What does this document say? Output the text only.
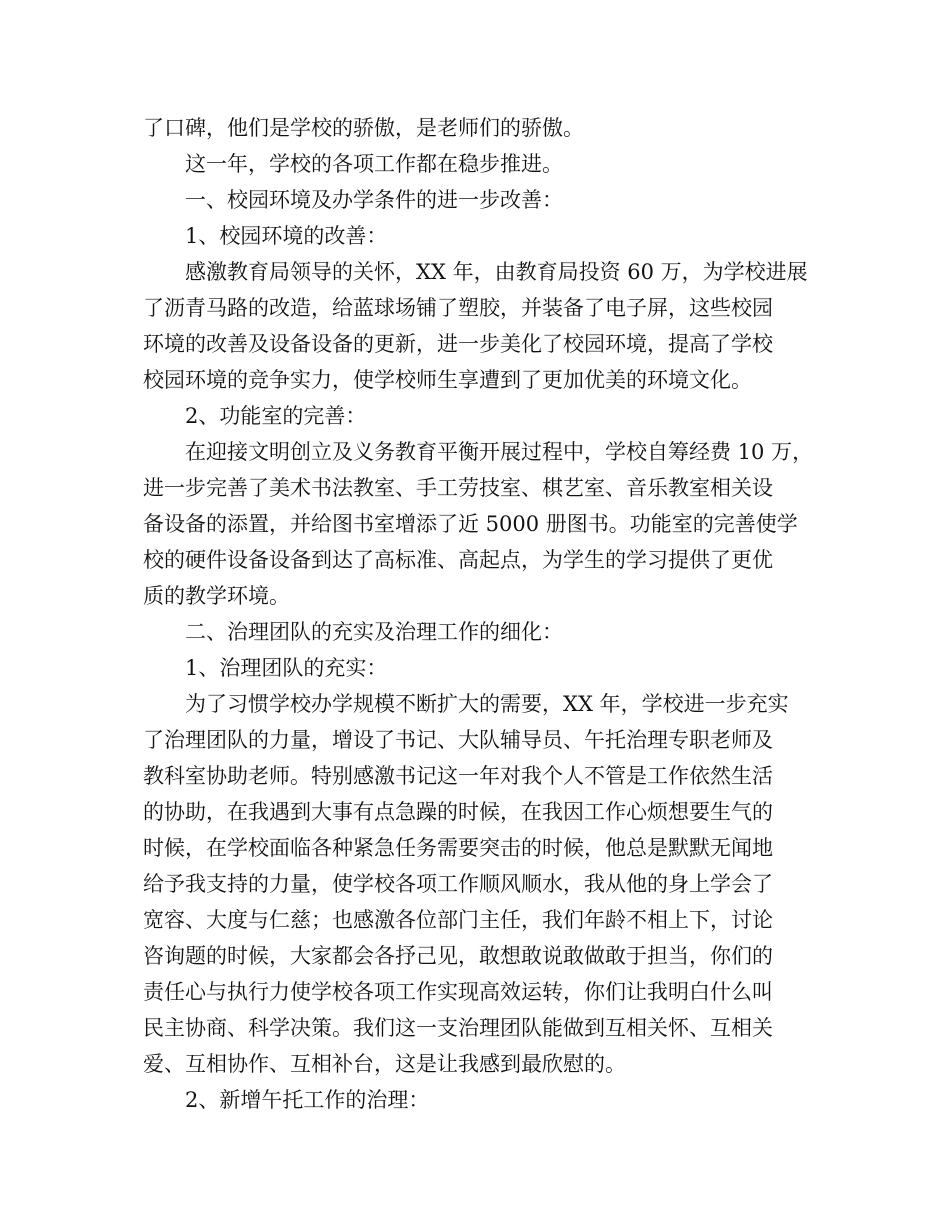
了口碑，他们是学校的骄傲，是老师们的骄傲。
这一年，学校的各项工作都在稳步推进。
一、校园环境及办学条件的进一步改善：
1、校园环境的改善：
感激教育局领导的关怀，XX 年，由教育局投资 60 万，为学校进展
了沥青马路的改造，给蓝球场铺了塑胶，并装备了电子屏，这些校园
环境的改善及设备设备的更新，进一步美化了校园环境，提高了学校
校园环境的竞争实力，使学校师生享遭到了更加优美的环境文化。
2、功能室的完善：
在迎接文明创立及义务教育平衡开展过程中，学校自筹经费 10 万，
进一步完善了美术书法教室、手工劳技室、棋艺室、音乐教室相关设
备设备的添置，并给图书室增添了近 5000 册图书。功能室的完善使学
校的硬件设备设备到达了高标准、高起点，为学生的学习提供了更优
质的教学环境。
二、治理团队的充实及治理工作的细化：
1、治理团队的充实：
为了习惯学校办学规模不断扩大的需要，XX 年，学校进一步充实
了治理团队的力量，增设了书记、大队辅导员、午托治理专职老师及
教科室协助老师。特别感激书记这一年对我个人不管是工作依然生活
的协助，在我遇到大事有点急躁的时候，在我因工作心烦想要生气的
时候，在学校面临各种紧急任务需要突击的时候，他总是默默无闻地
给予我支持的力量，使学校各项工作顺风顺水，我从他的身上学会了
宽容、大度与仁慈；也感激各位部门主任，我们年龄不相上下，讨论
咨询题的时候，大家都会各抒己见，敢想敢说敢做敢于担当，你们的
责任心与执行力使学校各项工作实现高效运转，你们让我明白什么叫
民主协商、科学决策。我们这一支治理团队能做到互相关怀、互相关
爱、互相协作、互相补台，这是让我感到最欣慰的。
2、新增午托工作的治理：
